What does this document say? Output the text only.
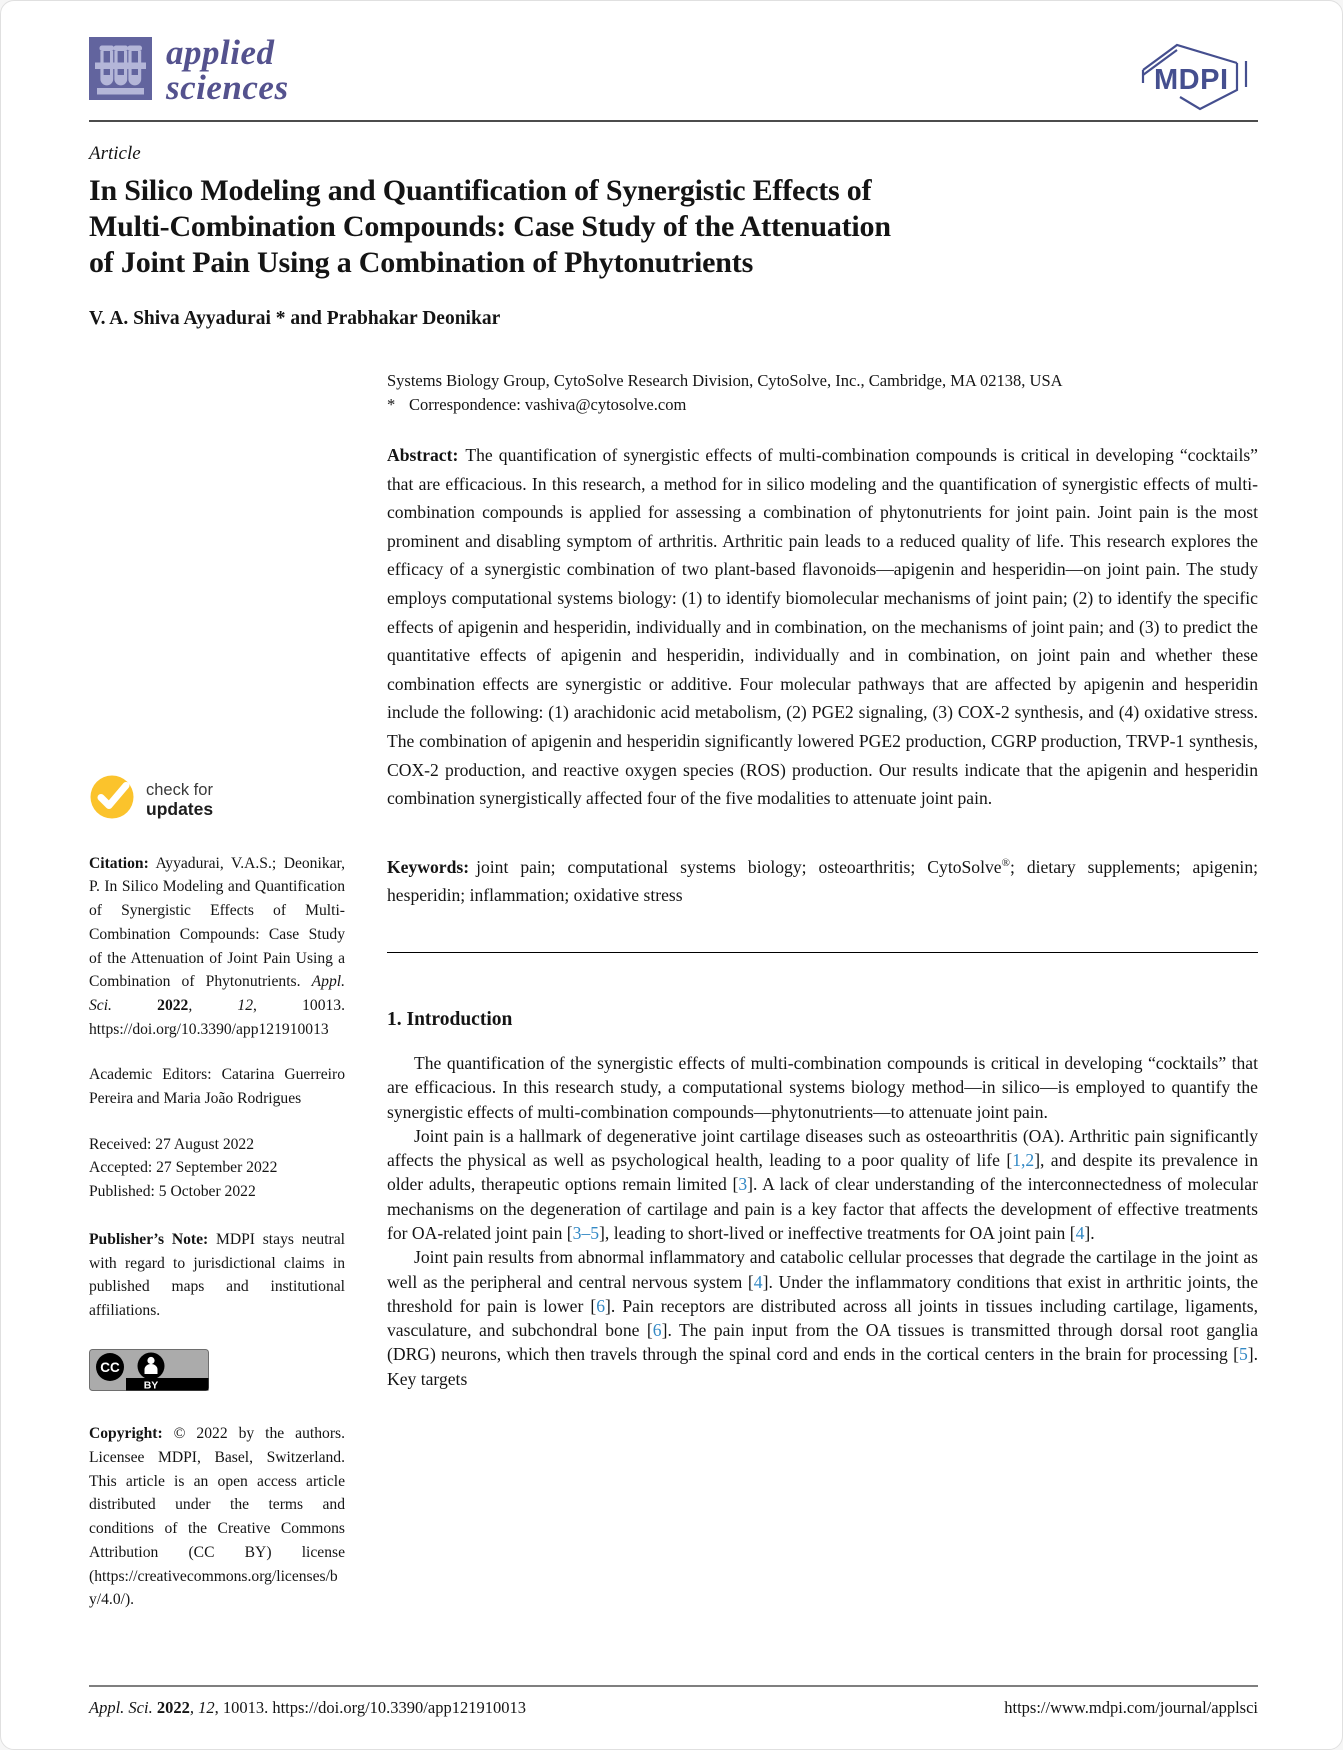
applied
sciences	MDPI
Article
In Silico Modeling and Quantification of Synergistic Effects of
Multi-Combination Compounds: Case Study of the Attenuation
of Joint Pain Using a Combination of Phytonutrients
V. A. Shiva Ayyadurai * and Prabhakar Deonikar
check for
updates

Citation: Ayyadurai, V.A.S.; Deonikar, P. In Silico Modeling and Quantification of Synergistic Effects of Multi-Combination Compounds: Case Study of the Attenuation of Joint Pain Using a Combination of Phytonutrients. Appl. Sci. 2022, 12, 10013. https://doi.org/10.3390/app121910013

Academic Editors: Catarina Guerreiro Pereira and Maria João Rodrigues

Received: 27 August 2022
Accepted: 27 September 2022
Published: 5 October 2022

Publisher’s Note: MDPI stays neutral with regard to jurisdictional claims in published maps and institutional affiliations.

CC
BY

Copyright: © 2022 by the authors. Licensee MDPI, Basel, Switzerland. This article is an open access article distributed under the terms and conditions of the Creative Commons Attribution (CC BY) license (https://creativecommons.org/licenses/by/4.0/).

Systems Biology Group, CytoSolve Research Division, CytoSolve, Inc., Cambridge, MA 02138, USA

* Correspondence: vashiva@cytosolve.com

Abstract: The quantification of synergistic effects of multi-combination compounds is critical in developing “cocktails” that are efficacious. In this research, a method for in silico modeling and the quantification of synergistic effects of multi-combination compounds is applied for assessing a combination of phytonutrients for joint pain. Joint pain is the most prominent and disabling symptom of arthritis. Arthritic pain leads to a reduced quality of life. This research explores the efficacy of a synergistic combination of two plant-based flavonoids—apigenin and hesperidin—on joint pain. The study employs computational systems biology: (1) to identify biomolecular mechanisms of joint pain; (2) to identify the specific effects of apigenin and hesperidin, individually and in combination, on the mechanisms of joint pain; and (3) to predict the quantitative effects of apigenin and hesperidin, individually and in combination, on joint pain and whether these combination effects are synergistic or additive. Four molecular pathways that are affected by apigenin and hesperidin include the following: (1) arachidonic acid metabolism, (2) PGE2 signaling, (3) COX-2 synthesis, and (4) oxidative stress. The combination of apigenin and hesperidin significantly lowered PGE2 production, CGRP production, TRVP-1 synthesis, COX-2 production, and reactive oxygen species (ROS) production. Our results indicate that the apigenin and hesperidin combination synergistically affected four of the five modalities to attenuate joint pain.

Keywords: joint pain; computational systems biology; osteoarthritis; CytoSolve®; dietary supplements; apigenin; hesperidin; inflammation; oxidative stress

1. Introduction

The quantification of the synergistic effects of multi-combination compounds is critical in developing “cocktails” that are efficacious. In this research study, a computational systems biology method—in silico—is employed to quantify the synergistic effects of multi-combination compounds—phytonutrients—to attenuate joint pain.

Joint pain is a hallmark of degenerative joint cartilage diseases such as osteoarthritis (OA). Arthritic pain significantly affects the physical as well as psychological health, leading to a poor quality of life [1,2], and despite its prevalence in older adults, therapeutic options remain limited [3]. A lack of clear understanding of the interconnectedness of molecular mechanisms on the degeneration of cartilage and pain is a key factor that affects the development of effective treatments for OA-related joint pain [3–5], leading to short-lived or ineffective treatments for OA joint pain [4].

Joint pain results from abnormal inflammatory and catabolic cellular processes that degrade the cartilage in the joint as well as the peripheral and central nervous system [4]. Under the inflammatory conditions that exist in arthritic joints, the threshold for pain is lower [6]. Pain receptors are distributed across all joints in tissues including cartilage, ligaments, vasculature, and subchondral bone [6]. The pain input from the OA tissues is transmitted through dorsal root ganglia (DRG) neurons, which then travels through the spinal cord and ends in the cortical centers in the brain for processing [5]. Key targets

Appl. Sci. 2022, 12, 10013. https://doi.org/10.3390/app121910013	https://www.mdpi.com/journal/applsci
